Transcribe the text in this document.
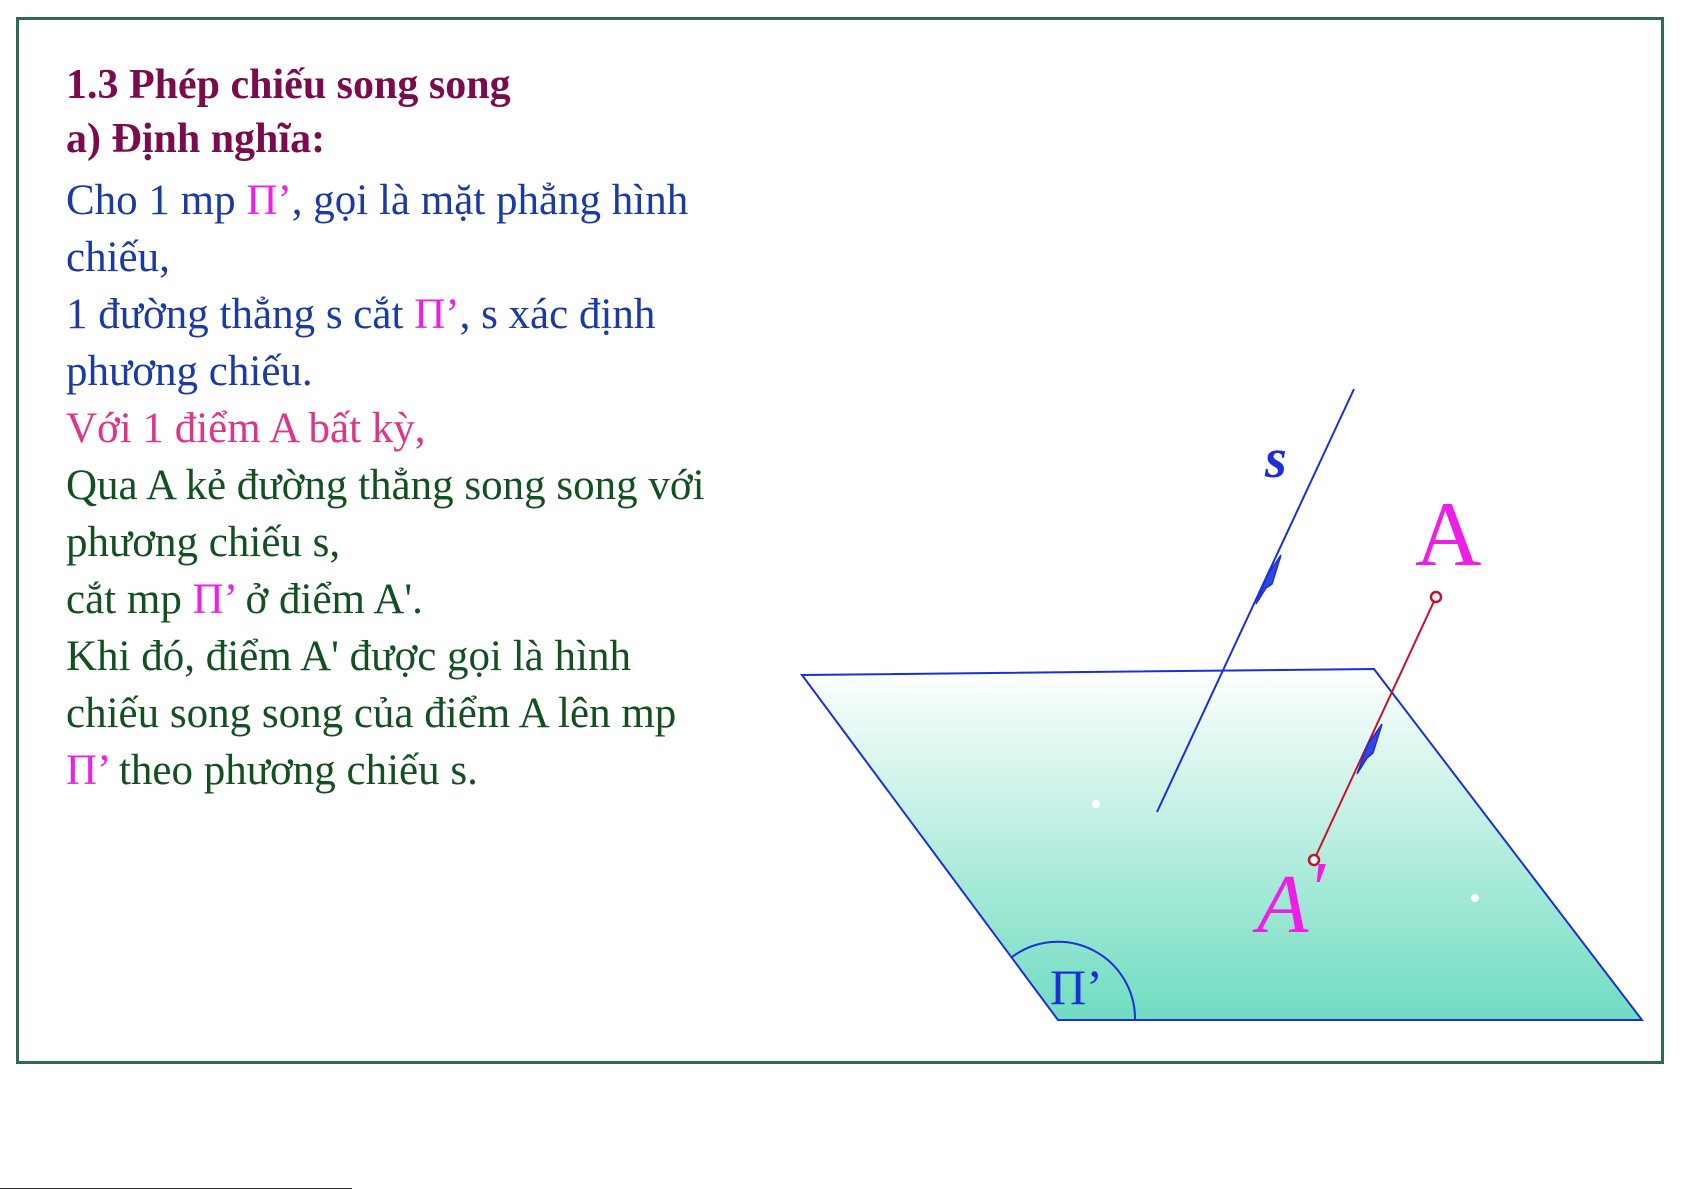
1.3 Phép chiếu song song

a) Định nghĩa:

Cho 1 mp Π’, gọi là mặt phẳng hình chiếu,

1 đường thẳng s cắt Π’, s xác định phương chiếu.

Với 1 điểm A bất kỳ,

Qua A kẻ đường thẳng song song với phương chiếu s,

cắt mp Π’ ở điểm A'.

Khi đó, điểm A' được gọi là hình chiếu song song của điểm A lên mp Π’ theo phương chiếu s.

s
A
A′
Π’
